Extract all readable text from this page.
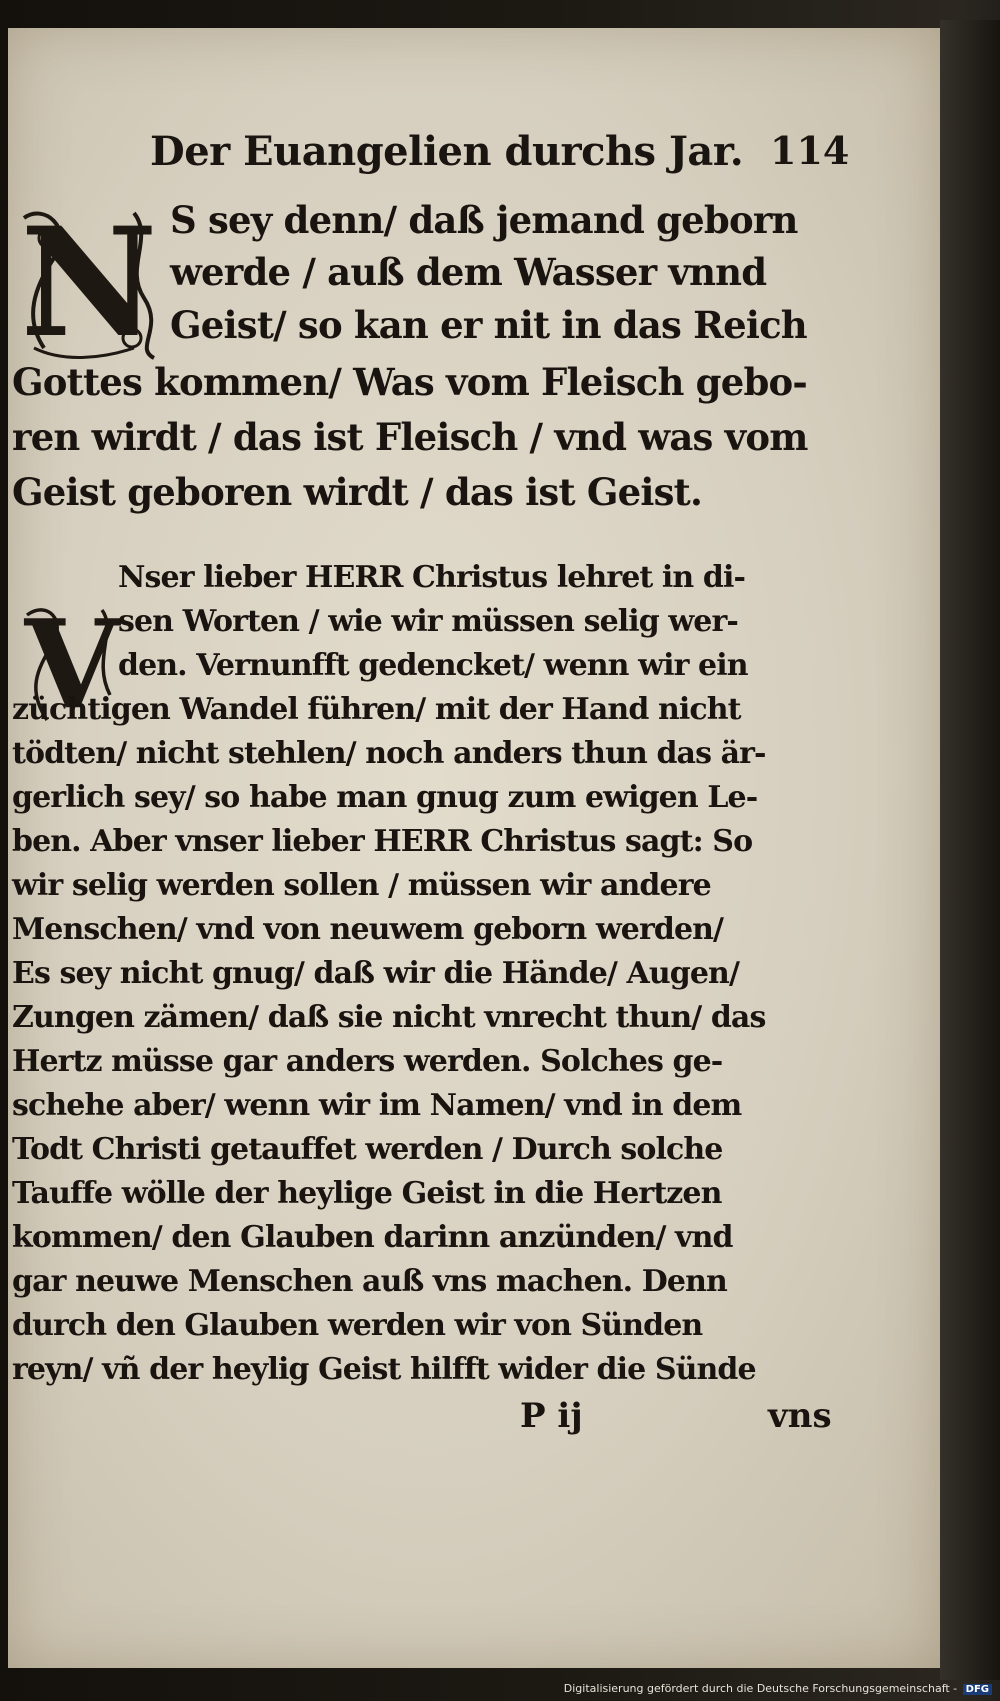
Der Euangelien durchs Jar. 114
N S sey denn/ daß jemand geborn
werde / auß dem Wasser vnnd
Geist/ so kan er nit in das Reich
Gottes kommen/ Was vom Fleisch gebo-
ren wirdt / das ist Fleisch / vnd was vom
Geist geboren wirdt / das ist Geist.
V
Nser lieber HERR Christus lehret in di-
sen Worten / wie wir müssen selig wer-
den. Vernunfft gedencket/ wenn wir ein
züchtigen Wandel führen/ mit der Hand nicht
tödten/ nicht stehlen/ noch anders thun das är-
gerlich sey/ so habe man gnug zum ewigen Le-
ben. Aber vnser lieber HERR Christus sagt: So
wir selig werden sollen / müssen wir andere
Menschen/ vnd von neuwem geborn werden/
Es sey nicht gnug/ daß wir die Hände/ Augen/
Zungen zämen/ daß sie nicht vnrecht thun/ das
Hertz müsse gar anders werden. Solches ge-
schehe aber/ wenn wir im Namen/ vnd in dem
Todt Christi getauffet werden / Durch solche
Tauffe wölle der heylige Geist in die Hertzen
kommen/ den Glauben darinn anzünden/ vnd
gar neuwe Menschen auß vns machen. Denn
durch den Glauben werden wir von Sünden
reyn/ vñ der heylig Geist hilfft wider die Sünde
P ij	vns
Digitalisierung gefördert durch die Deutsche Forschungsgemeinschaft - DFG
